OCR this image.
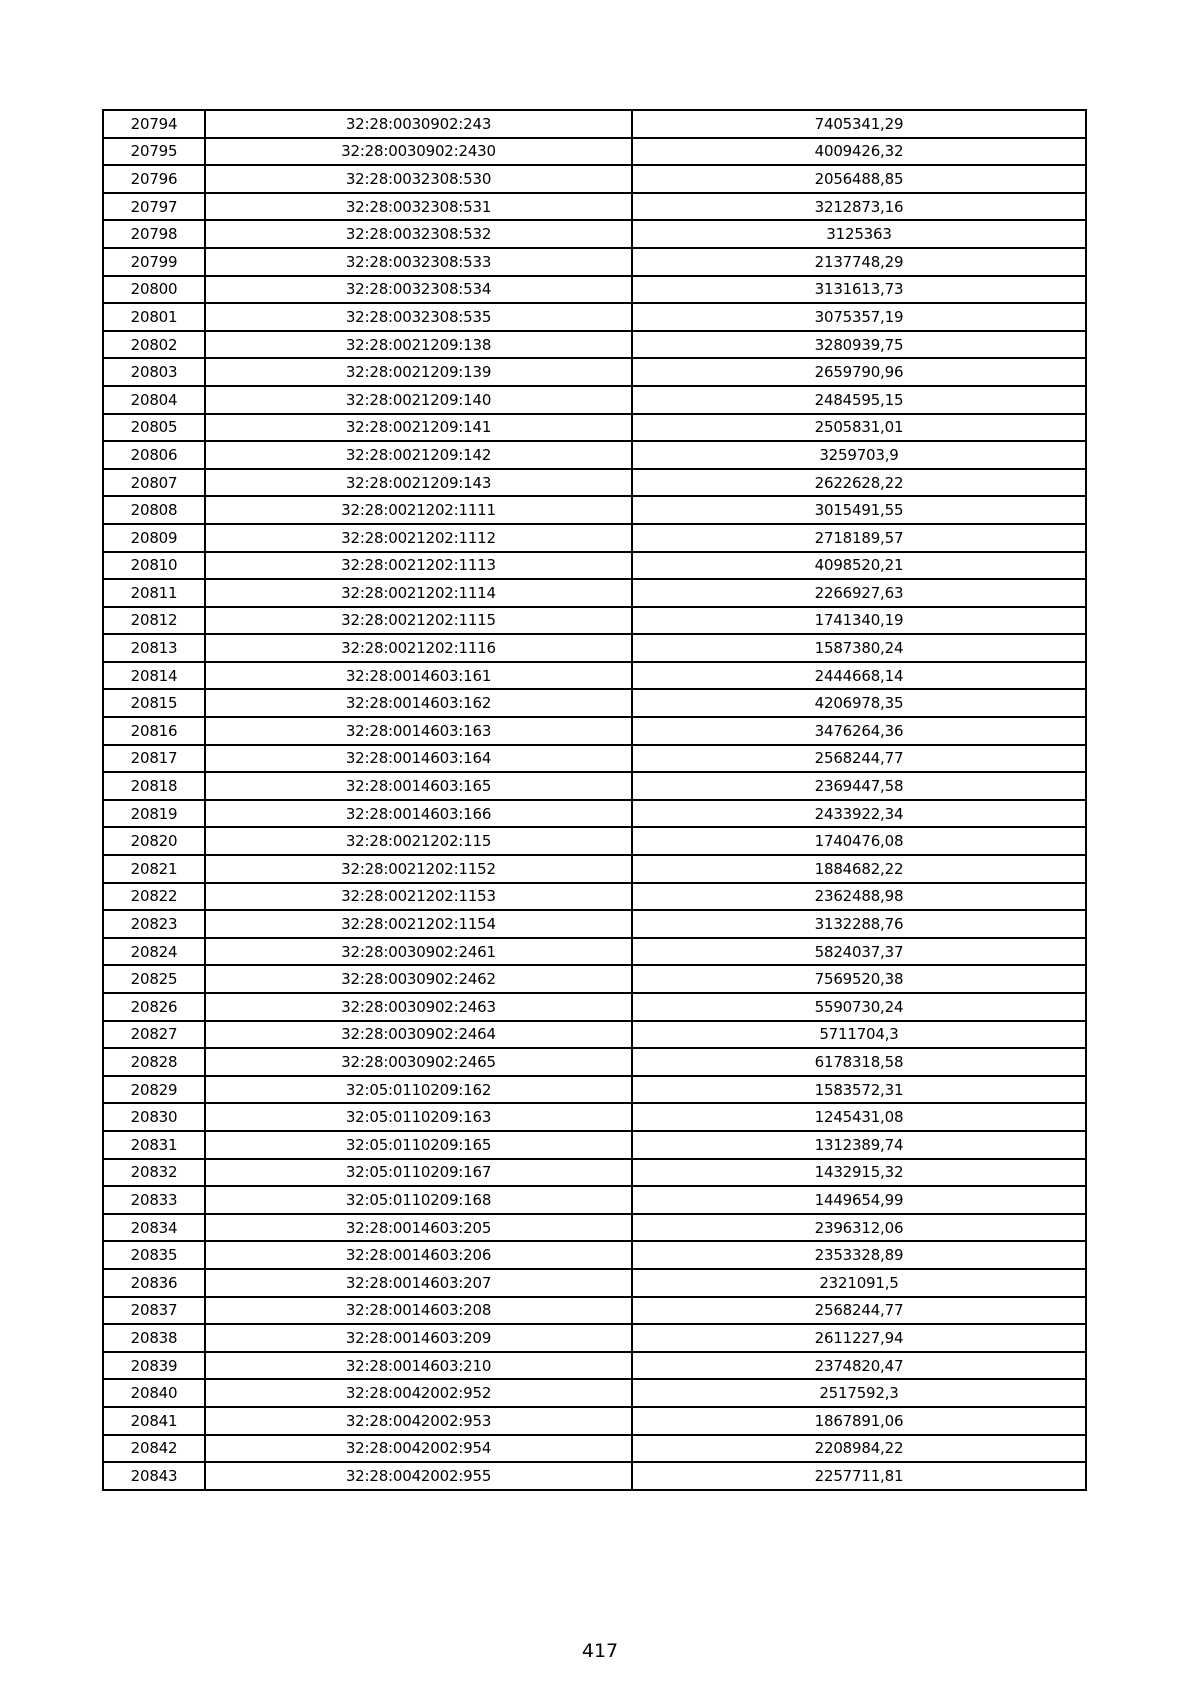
20794	32:28:0030902:243	7405341,29
20795	32:28:0030902:2430	4009426,32
20796	32:28:0032308:530	2056488,85
20797	32:28:0032308:531	3212873,16
20798	32:28:0032308:532	3125363
20799	32:28:0032308:533	2137748,29
20800	32:28:0032308:534	3131613,73
20801	32:28:0032308:535	3075357,19
20802	32:28:0021209:138	3280939,75
20803	32:28:0021209:139	2659790,96
20804	32:28:0021209:140	2484595,15
20805	32:28:0021209:141	2505831,01
20806	32:28:0021209:142	3259703,9
20807	32:28:0021209:143	2622628,22
20808	32:28:0021202:1111	3015491,55
20809	32:28:0021202:1112	2718189,57
20810	32:28:0021202:1113	4098520,21
20811	32:28:0021202:1114	2266927,63
20812	32:28:0021202:1115	1741340,19
20813	32:28:0021202:1116	1587380,24
20814	32:28:0014603:161	2444668,14
20815	32:28:0014603:162	4206978,35
20816	32:28:0014603:163	3476264,36
20817	32:28:0014603:164	2568244,77
20818	32:28:0014603:165	2369447,58
20819	32:28:0014603:166	2433922,34
20820	32:28:0021202:115	1740476,08
20821	32:28:0021202:1152	1884682,22
20822	32:28:0021202:1153	2362488,98
20823	32:28:0021202:1154	3132288,76
20824	32:28:0030902:2461	5824037,37
20825	32:28:0030902:2462	7569520,38
20826	32:28:0030902:2463	5590730,24
20827	32:28:0030902:2464	5711704,3
20828	32:28:0030902:2465	6178318,58
20829	32:05:0110209:162	1583572,31
20830	32:05:0110209:163	1245431,08
20831	32:05:0110209:165	1312389,74
20832	32:05:0110209:167	1432915,32
20833	32:05:0110209:168	1449654,99
20834	32:28:0014603:205	2396312,06
20835	32:28:0014603:206	2353328,89
20836	32:28:0014603:207	2321091,5
20837	32:28:0014603:208	2568244,77
20838	32:28:0014603:209	2611227,94
20839	32:28:0014603:210	2374820,47
20840	32:28:0042002:952	2517592,3
20841	32:28:0042002:953	1867891,06
20842	32:28:0042002:954	2208984,22
20843	32:28:0042002:955	2257711,81
417
